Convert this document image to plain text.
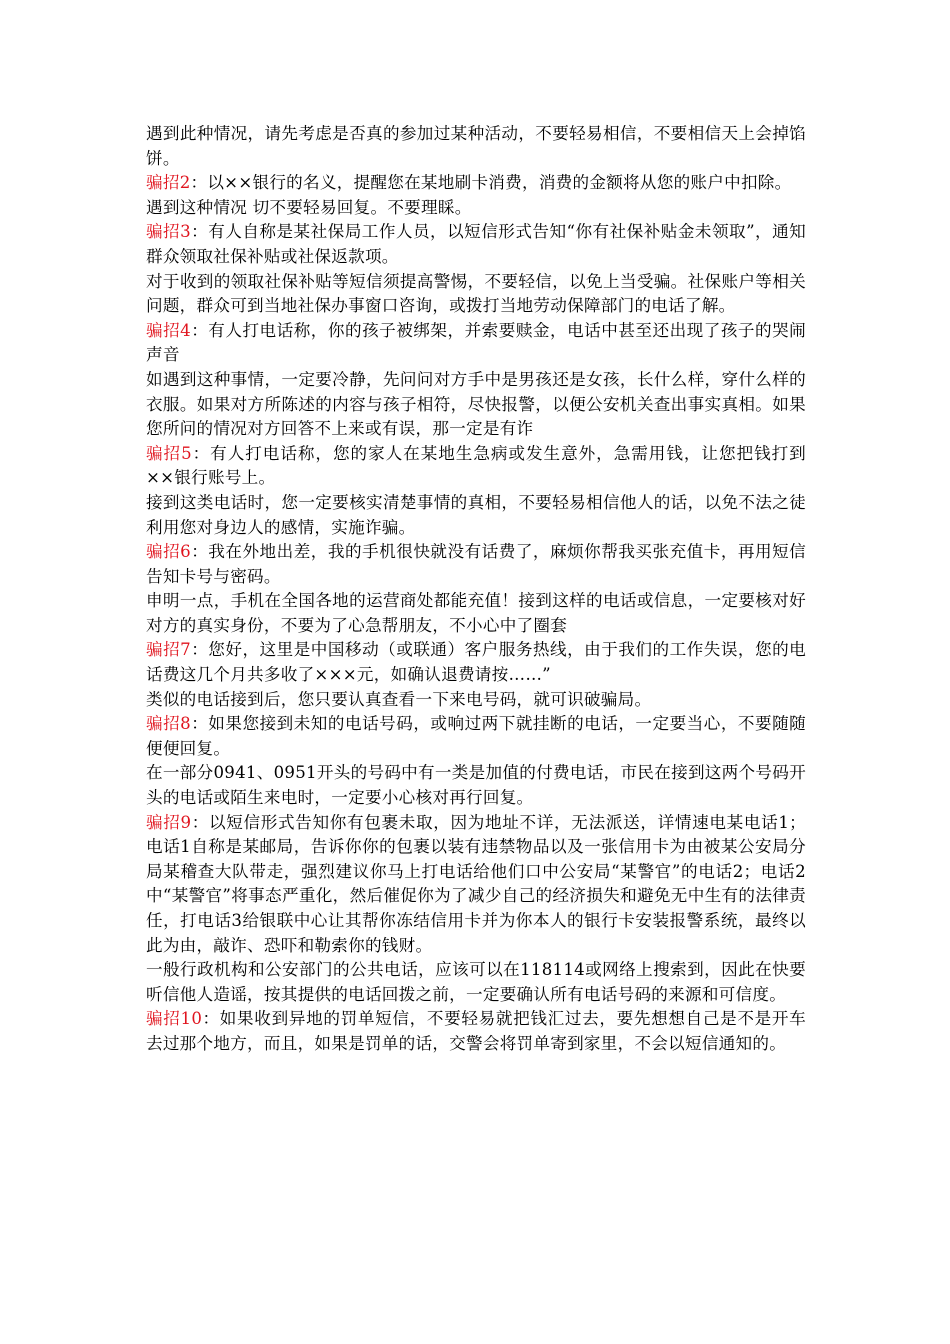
遇到此种情况，请先考虑是否真的参加过某种活动，不要轻易相信，不要相信天上会掉馅饼。

骗招2：以××银行的名义，提醒您在某地刷卡消费，消费的金额将从您的账户中扣除。

遇到这种情况 切不要轻易回复。不要理睬。

骗招3：有人自称是某社保局工作人员，以短信形式告知“你有社保补贴金未领取”，通知群众领取社保补贴或社保返款项。

对于收到的领取社保补贴等短信须提高警惕，不要轻信，以免上当受骗。社保账户等相关问题，群众可到当地社保办事窗口咨询，或拨打当地劳动保障部门的电话了解。

骗招4：有人打电话称，你的孩子被绑架，并索要赎金，电话中甚至还出现了孩子的哭闹声音

如遇到这种事情，一定要冷静，先问问对方手中是男孩还是女孩，长什么样，穿什么样的衣服。如果对方所陈述的内容与孩子相符，尽快报警，以便公安机关查出事实真相。如果您所问的情况对方回答不上来或有误，那一定是有诈

骗招5：有人打电话称，您的家人在某地生急病或发生意外，急需用钱，让您把钱打到××银行账号上。

接到这类电话时，您一定要核实清楚事情的真相，不要轻易相信他人的话，以免不法之徒利用您对身边人的感情，实施诈骗。

骗招6：我在外地出差，我的手机很快就没有话费了，麻烦你帮我买张充值卡，再用短信告知卡号与密码。

申明一点，手机在全国各地的运营商处都能充值！接到这样的电话或信息，一定要核对好对方的真实身份，不要为了心急帮朋友，不小心中了圈套

骗招7：您好，这里是中国移动（或联通）客户服务热线，由于我们的工作失误，您的电话费这几个月共多收了×××元，如确认退费请按……”

类似的电话接到后，您只要认真查看一下来电号码，就可识破骗局。

骗招8：如果您接到未知的电话号码，或响过两下就挂断的电话，一定要当心，不要随随便便回复。

在一部分0941、0951开头的号码中有一类是加值的付费电话，市民在接到这两个号码开头的电话或陌生来电时，一定要小心核对再行回复。

骗招9：以短信形式告知你有包裹未取，因为地址不详，无法派送，详情速电某电话1；电话1自称是某邮局，告诉你你的包裹以装有违禁物品以及一张信用卡为由被某公安局分局某稽查大队带走，强烈建议你马上打电话给他们口中公安局“某警官”的电话2；电话2中“某警官”将事态严重化，然后催促你为了减少自己的经济损失和避免无中生有的法律责任，打电话3给银联中心让其帮你冻结信用卡并为你本人的银行卡安装报警系统，最终以此为由，敲诈、恐吓和勒索你的钱财。

一般行政机构和公安部门的公共电话，应该可以在118114或网络上搜索到，因此在快要听信他人造谣，按其提供的电话回拨之前，一定要确认所有电话号码的来源和可信度。

骗招10：如果收到异地的罚单短信，不要轻易就把钱汇过去，要先想想自己是不是开车去过那个地方，而且，如果是罚单的话，交警会将罚单寄到家里，不会以短信通知的。
